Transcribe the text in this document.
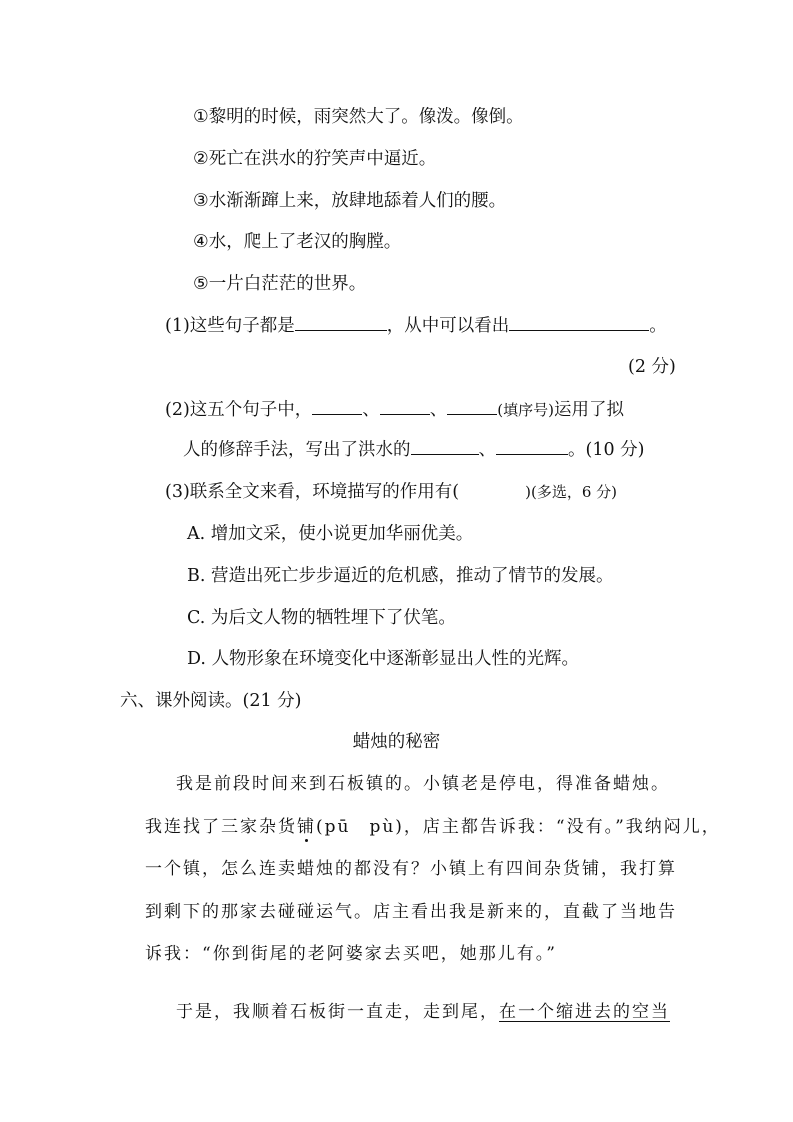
①黎明的时候，雨突然大了。像泼。像倒。
②死亡在洪水的狞笑声中逼近。
③水渐渐蹿上来，放肆地舔着人们的腰。
④水，爬上了老汉的胸膛。
⑤一片白茫茫的世界。
(1)这些句子都是	，从中可以看出	。
(2 分)
(2)这五个句子中，	、	、	(填序号)运用了拟
人的修辞手法，写出了洪水的	、	。(10 分)
(3)联系全文来看，环境描写的作用有(	)(多选，6 分)
A. 增加文采，使小说更加华丽优美。
B. 营造出死亡步步逼近的危机感，推动了情节的发展。
C. 为后文人物的牺牲埋下了伏笔。
D. 人物形象在环境变化中逐渐彰显出人性的光辉。
六、课外阅读。(21 分)
蜡烛的秘密
我是前段时间来到石板镇的。小镇老是停电，得准备蜡烛。
我连找了三家杂货铺(pū　pù)，店主都告诉我：“没有。”我纳闷儿，
一个镇，怎么连卖蜡烛的都没有？小镇上有四间杂货铺，我打算
到剩下的那家去碰碰运气。店主看出我是新来的，直截了当地告
诉我：“你到街尾的老阿婆家去买吧，她那儿有。”
于是，我顺着石板街一直走，走到尾，在一个缩进去的空当
